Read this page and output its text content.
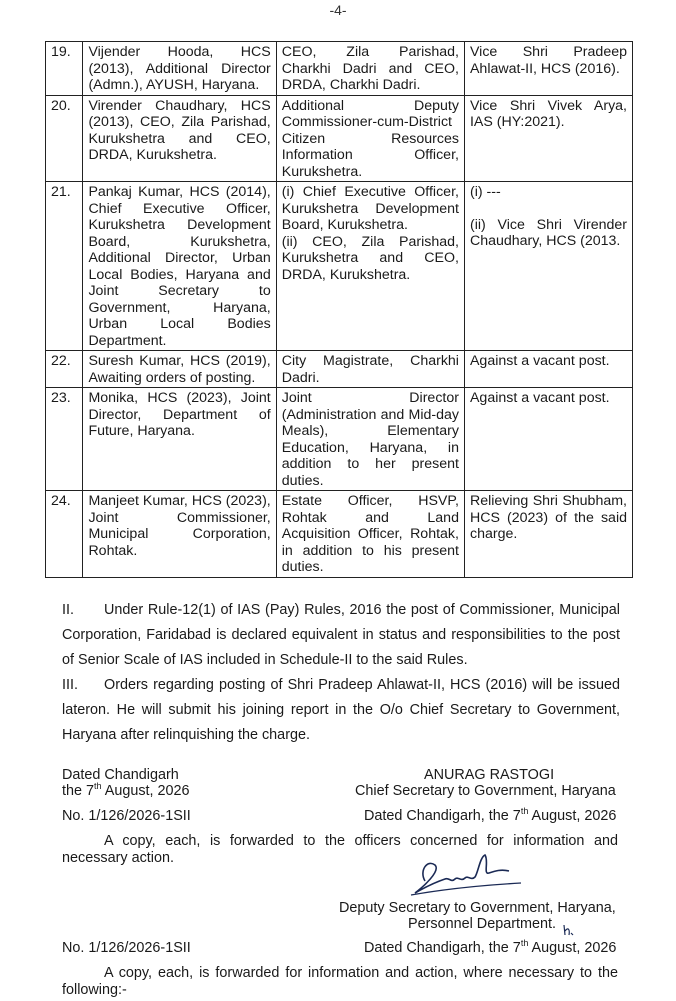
-4-
19.	Vijender Hooda, HCS (2013), Additional Director (Admn.), AYUSH, Haryana.	CEO, Zila Parishad, Charkhi Dadri and CEO, DRDA, Charkhi Dadri.	Vice Shri Pradeep Ahlawat-II, HCS (2016).

20.	Virender Chaudhary, HCS (2013), CEO, Zila Parishad, Kurukshetra and CEO, DRDA, Kurukshetra.	Additional Deputy Commissioner-cum-District Citizen Resources Information Officer, Kurukshetra.	Vice Shri Vivek Arya, IAS (HY:2021).

21.	Pankaj Kumar, HCS (2014), Chief Executive Officer, Kurukshetra Development Board, Kurukshetra, Additional Director, Urban Local Bodies, Haryana and Joint Secretary to Government, Haryana, Urban Local Bodies Department.	(i) Chief Executive Officer, Kurukshetra Development Board, Kurukshetra.
(ii) CEO, Zila Parishad, Kurukshetra and CEO, DRDA, Kurukshetra.	(i) ---
(ii) Vice Shri Virender Chaudhary, HCS (2013.

22.	Suresh Kumar, HCS (2019), Awaiting orders of posting.	City Magistrate, Charkhi Dadri.	Against a vacant post.

23.	Monika, HCS (2023), Joint Director, Department of Future, Haryana.	Joint Director (Administration and Mid-day Meals), Elementary Education, Haryana, in addition to her present duties.	Against a vacant post.

24.	Manjeet Kumar, HCS (2023), Joint Commissioner, Municipal Corporation, Rohtak.	Estate Officer, HSVP, Rohtak and Land Acquisition Officer, Rohtak, in addition to his present duties.	Relieving Shri Shubham, HCS (2023) of the said charge.
II. Under Rule-12(1) of IAS (Pay) Rules, 2016 the post of Commissioner, Municipal Corporation, Faridabad is declared equivalent in status and responsibilities to the post of Senior Scale of IAS included in Schedule-II to the said Rules.
III. Orders regarding posting of Shri Pradeep Ahlawat-II, HCS (2016) will be issued lateron. He will submit his joining report in the O/o Chief Secretary to Government, Haryana after relinquishing the charge.
Dated Chandigarh
the 7th August, 2026
ANURAG RASTOGI
Chief Secretary to Government, Haryana
No. 1/126/2026-1SII	Dated Chandigarh, the 7th August, 2026
A copy, each, is forwarded to the officers concerned for information and necessary action.
Deputy Secretary to Government, Haryana,
Personnel Department.
No. 1/126/2026-1SII	Dated Chandigarh, the 7th August, 2026
A copy, each, is forwarded for information and action, where necessary to the following:-
